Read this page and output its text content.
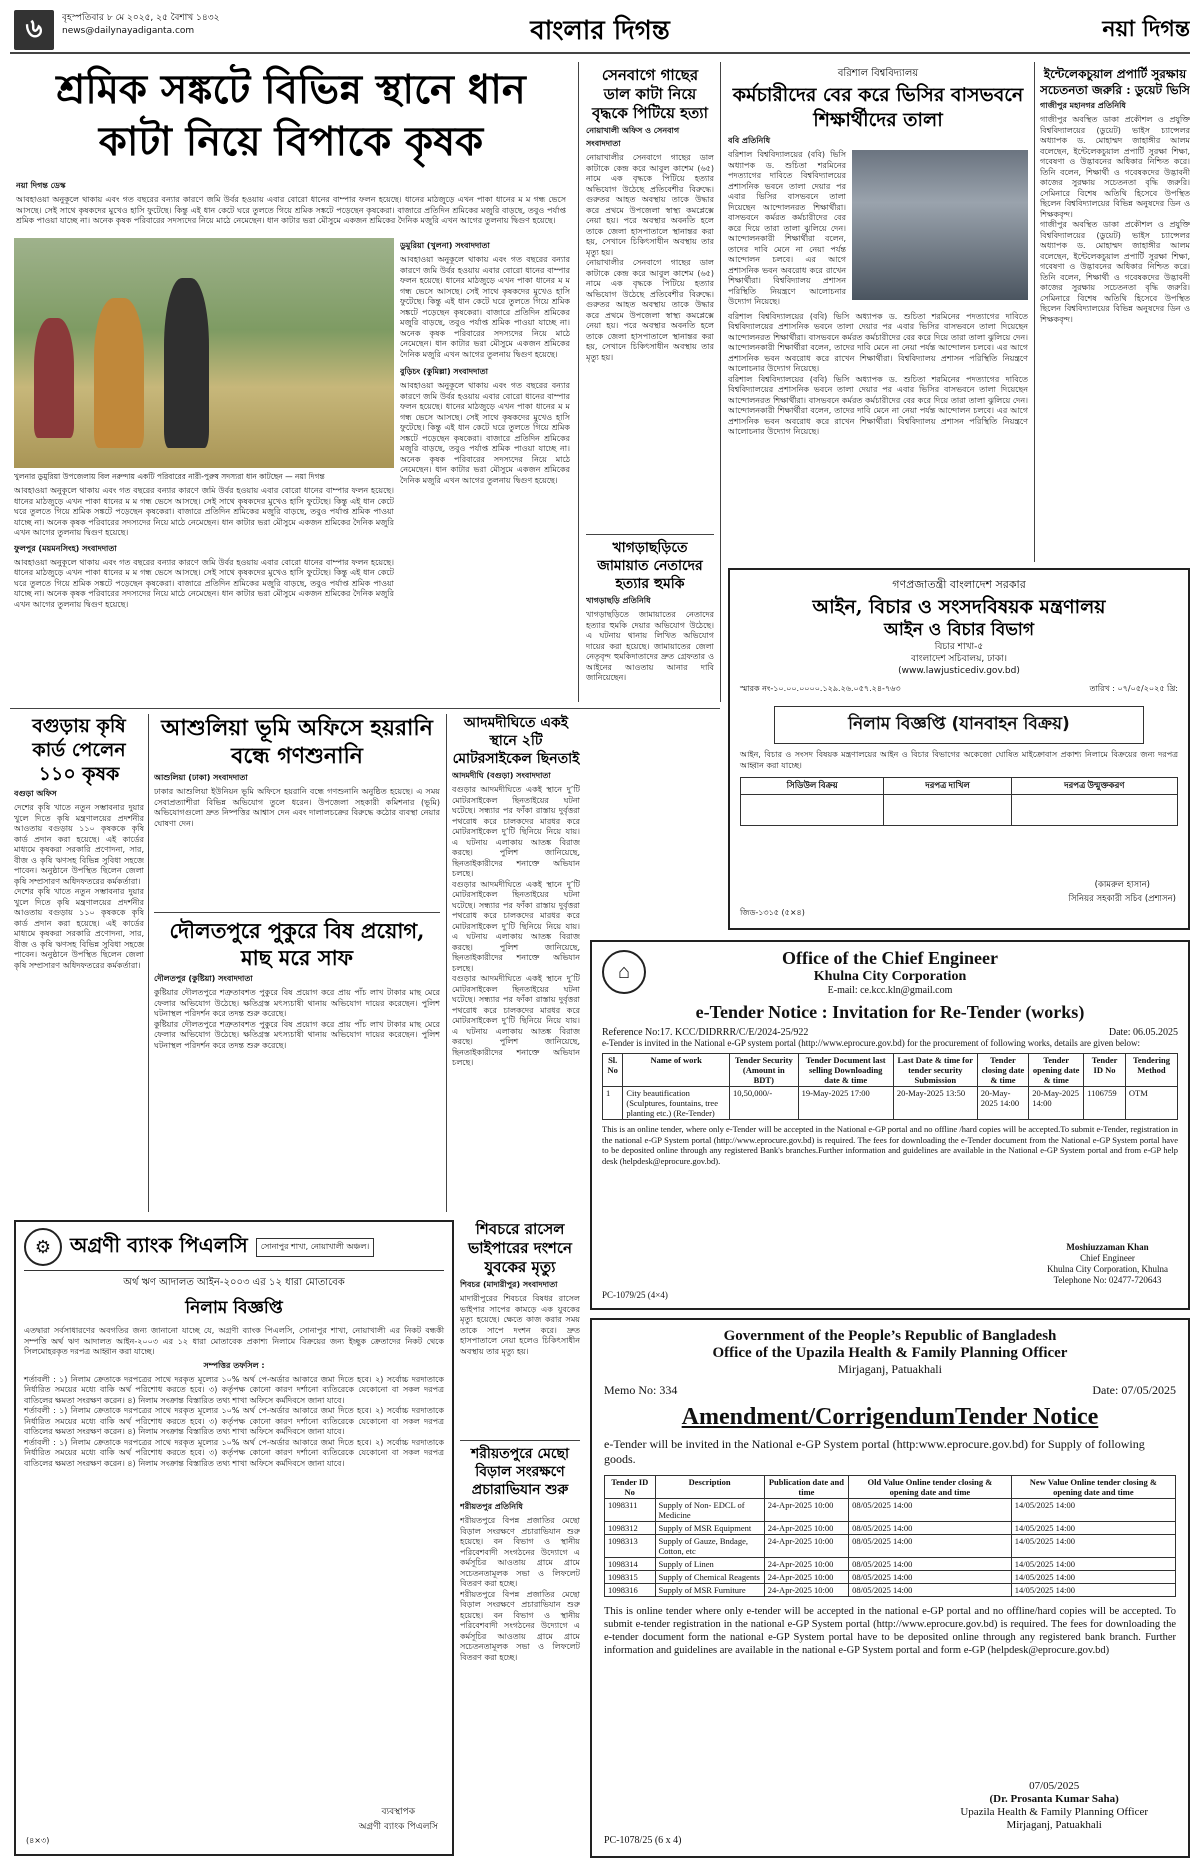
৬	বৃহস্পতিবার ৮ মে ২০২৫, ২৫ বৈশাখ ১৪৩২
news@dailynayadiganta.com	বাংলার দিগন্ত	নয়া দিগন্ত
শ্রমিক সঙ্কটে বিভিন্ন স্থানে ধান কাটা নিয়ে বিপাকে কৃষক
নয়া দিগন্ত ডেস্ক
আবহাওয়া অনুকূলে থাকায় এবং গত বছরের বন্যার কারণে জমি উর্বর হওয়ায় এবার বোরো ধানের বাম্পার ফলন হয়েছে। ধানের মাঠজুড়ে এখন পাকা ধানের ম ম গন্ধ ভেসে আসছে। সেই সাথে কৃষকদের মুখেও হাসি ফুটেছে। কিন্তু এই ধান কেটে ঘরে তুলতে গিয়ে শ্রমিক সঙ্কটে পড়েছেন কৃষকেরা। বাজারে প্রতিদিন শ্রমিকের মজুরি বাড়ছে, তবুও পর্যাপ্ত শ্রমিক পাওয়া যাচ্ছে না। অনেক কৃষক পরিবারের সদস্যদের নিয়ে মাঠে নেমেছেন। ধান কাটার ভরা মৌসুমে একজন শ্রমিকের দৈনিক মজুরি এখন আগের তুলনায় দ্বিগুণ হয়েছে।
খুলনার ডুমুরিয়া উপজেলায় বিল নরুন্দায় একটি পরিবারের নারী-পুরুষ সদস্যরা ধান কাটছেন — নয়া দিগন্ত
ডুমুরিয়া (খুলনা) সংবাদদাতা
আবহাওয়া অনুকূলে থাকায় এবং গত বছরের বন্যার কারণে জমি উর্বর হওয়ায় এবার বোরো ধানের বাম্পার ফলন হয়েছে। ধানের মাঠজুড়ে এখন পাকা ধানের ম ম গন্ধ ভেসে আসছে। সেই সাথে কৃষকদের মুখেও হাসি ফুটেছে। কিন্তু এই ধান কেটে ঘরে তুলতে গিয়ে শ্রমিক সঙ্কটে পড়েছেন কৃষকেরা। বাজারে প্রতিদিন শ্রমিকের মজুরি বাড়ছে, তবুও পর্যাপ্ত শ্রমিক পাওয়া যাচ্ছে না। অনেক কৃষক পরিবারের সদস্যদের নিয়ে মাঠে নেমেছেন। ধান কাটার ভরা মৌসুমে একজন শ্রমিকের দৈনিক মজুরি এখন আগের তুলনায় দ্বিগুণ হয়েছে।
বুড়িচং (কুমিল্লা) সংবাদদাতা
আবহাওয়া অনুকূলে থাকায় এবং গত বছরের বন্যার কারণে জমি উর্বর হওয়ায় এবার বোরো ধানের বাম্পার ফলন হয়েছে। ধানের মাঠজুড়ে এখন পাকা ধানের ম ম গন্ধ ভেসে আসছে। সেই সাথে কৃষকদের মুখেও হাসি ফুটেছে। কিন্তু এই ধান কেটে ঘরে তুলতে গিয়ে শ্রমিক সঙ্কটে পড়েছেন কৃষকেরা। বাজারে প্রতিদিন শ্রমিকের মজুরি বাড়ছে, তবুও পর্যাপ্ত শ্রমিক পাওয়া যাচ্ছে না। অনেক কৃষক পরিবারের সদস্যদের নিয়ে মাঠে নেমেছেন। ধান কাটার ভরা মৌসুমে একজন শ্রমিকের দৈনিক মজুরি এখন আগের তুলনায় দ্বিগুণ হয়েছে।
আবহাওয়া অনুকূলে থাকায় এবং গত বছরের বন্যার কারণে জমি উর্বর হওয়ায় এবার বোরো ধানের বাম্পার ফলন হয়েছে। ধানের মাঠজুড়ে এখন পাকা ধানের ম ম গন্ধ ভেসে আসছে। সেই সাথে কৃষকদের মুখেও হাসি ফুটেছে। কিন্তু এই ধান কেটে ঘরে তুলতে গিয়ে শ্রমিক সঙ্কটে পড়েছেন কৃষকেরা। বাজারে প্রতিদিন শ্রমিকের মজুরি বাড়ছে, তবুও পর্যাপ্ত শ্রমিক পাওয়া যাচ্ছে না। অনেক কৃষক পরিবারের সদস্যদের নিয়ে মাঠে নেমেছেন। ধান কাটার ভরা মৌসুমে একজন শ্রমিকের দৈনিক মজুরি এখন আগের তুলনায় দ্বিগুণ হয়েছে।
ফুলপুর (ময়মনসিংহ) সংবাদদাতা
আবহাওয়া অনুকূলে থাকায় এবং গত বছরের বন্যার কারণে জমি উর্বর হওয়ায় এবার বোরো ধানের বাম্পার ফলন হয়েছে। ধানের মাঠজুড়ে এখন পাকা ধানের ম ম গন্ধ ভেসে আসছে। সেই সাথে কৃষকদের মুখেও হাসি ফুটেছে। কিন্তু এই ধান কেটে ঘরে তুলতে গিয়ে শ্রমিক সঙ্কটে পড়েছেন কৃষকেরা। বাজারে প্রতিদিন শ্রমিকের মজুরি বাড়ছে, তবুও পর্যাপ্ত শ্রমিক পাওয়া যাচ্ছে না। অনেক কৃষক পরিবারের সদস্যদের নিয়ে মাঠে নেমেছেন। ধান কাটার ভরা মৌসুমে একজন শ্রমিকের দৈনিক মজুরি এখন আগের তুলনায় দ্বিগুণ হয়েছে।
সেনবাগে গাছের ডাল কাটা নিয়ে বৃদ্ধকে পিটিয়ে হত্যা
নোয়াখালী অফিস ও সেনবাগ সংবাদদাতা
নোয়াখালীর সেনবাগে গাছের ডাল কাটাকে কেন্দ্র করে আবুল কাশেম (৬৫) নামে এক বৃদ্ধকে পিটিয়ে হত্যার অভিযোগ উঠেছে প্রতিবেশীর বিরুদ্ধে। গুরুতর আহত অবস্থায় তাকে উদ্ধার করে প্রথমে উপজেলা স্বাস্থ্য কমপ্লেক্সে নেয়া হয়। পরে অবস্থার অবনতি হলে তাকে জেলা হাসপাতালে স্থানান্তর করা হয়, সেখানে চিকিৎসাধীন অবস্থায় তার মৃত্যু হয়।
নোয়াখালীর সেনবাগে গাছের ডাল কাটাকে কেন্দ্র করে আবুল কাশেম (৬৫) নামে এক বৃদ্ধকে পিটিয়ে হত্যার অভিযোগ উঠেছে প্রতিবেশীর বিরুদ্ধে। গুরুতর আহত অবস্থায় তাকে উদ্ধার করে প্রথমে উপজেলা স্বাস্থ্য কমপ্লেক্সে নেয়া হয়। পরে অবস্থার অবনতি হলে তাকে জেলা হাসপাতালে স্থানান্তর করা হয়, সেখানে চিকিৎসাধীন অবস্থায় তার মৃত্যু হয়।
খাগড়াছড়িতে জামায়াত নেতাদের হত্যার হুমকি
খাগড়াছড়ি প্রতিনিধি
খাগড়াছড়িতে জামায়াতের নেতাদের হত্যার হুমকি দেয়ার অভিযোগ উঠেছে। এ ঘটনায় থানায় লিখিত অভিযোগ দায়ের করা হয়েছে। জামায়াতের জেলা নেতৃবৃন্দ হুমকিদাতাদের দ্রুত গ্রেফতার ও আইনের আওতায় আনার দাবি জানিয়েছেন।
বরিশাল বিশ্ববিদ্যালয়
কর্মচারীদের বের করে ভিসির বাসভবনে শিক্ষার্থীদের তালা
ববি প্রতিনিধি
বরিশাল বিশ্ববিদ্যালয়ের (ববি) ভিসি অধ্যাপক ড. শুচিতা শরমিনের পদত্যাগের দাবিতে বিশ্ববিদ্যালয়ের প্রশাসনিক ভবনে তালা দেয়ার পর এবার ভিসির বাসভবনে তালা দিয়েছেন আন্দোলনরত শিক্ষার্থীরা। বাসভবনে কর্মরত কর্মচারীদের বের করে দিয়ে তারা তালা ঝুলিয়ে দেন। আন্দোলনকারী শিক্ষার্থীরা বলেন, তাদের দাবি মেনে না নেয়া পর্যন্ত আন্দোলন চলবে। এর আগে প্রশাসনিক ভবন অবরোধ করে রাখেন শিক্ষার্থীরা। বিশ্ববিদ্যালয় প্রশাসন পরিস্থিতি নিয়ন্ত্রণে আলোচনার উদ্যোগ নিয়েছে।
বরিশাল বিশ্ববিদ্যালয়ের (ববি) ভিসি অধ্যাপক ড. শুচিতা শরমিনের পদত্যাগের দাবিতে বিশ্ববিদ্যালয়ের প্রশাসনিক ভবনে তালা দেয়ার পর এবার ভিসির বাসভবনে তালা দিয়েছেন আন্দোলনরত শিক্ষার্থীরা। বাসভবনে কর্মরত কর্মচারীদের বের করে দিয়ে তারা তালা ঝুলিয়ে দেন। আন্দোলনকারী শিক্ষার্থীরা বলেন, তাদের দাবি মেনে না নেয়া পর্যন্ত আন্দোলন চলবে। এর আগে প্রশাসনিক ভবন অবরোধ করে রাখেন শিক্ষার্থীরা। বিশ্ববিদ্যালয় প্রশাসন পরিস্থিতি নিয়ন্ত্রণে আলোচনার উদ্যোগ নিয়েছে।
বরিশাল বিশ্ববিদ্যালয়ের (ববি) ভিসি অধ্যাপক ড. শুচিতা শরমিনের পদত্যাগের দাবিতে বিশ্ববিদ্যালয়ের প্রশাসনিক ভবনে তালা দেয়ার পর এবার ভিসির বাসভবনে তালা দিয়েছেন আন্দোলনরত শিক্ষার্থীরা। বাসভবনে কর্মরত কর্মচারীদের বের করে দিয়ে তারা তালা ঝুলিয়ে দেন। আন্দোলনকারী শিক্ষার্থীরা বলেন, তাদের দাবি মেনে না নেয়া পর্যন্ত আন্দোলন চলবে। এর আগে প্রশাসনিক ভবন অবরোধ করে রাখেন শিক্ষার্থীরা। বিশ্ববিদ্যালয় প্রশাসন পরিস্থিতি নিয়ন্ত্রণে আলোচনার উদ্যোগ নিয়েছে।
ইন্টেলেকচুয়াল প্রপার্টি সুরক্ষায় সচেতনতা জরুরি : ডুয়েট ভিসি
গাজীপুর মহানগর প্রতিনিধি
গাজীপুর অবস্থিত ডাকা প্রকৌশল ও প্রযুক্তি বিশ্ববিদ্যালয়ের (ডুয়েট) ভাইস চ্যান্সেলর অধ্যাপক ড. মোহাম্মদ জাহাঙ্গীর আলম বলেছেন, ইন্টেলেকচুয়াল প্রপার্টি সুরক্ষা শিক্ষা, গবেষণা ও উদ্ভাবনের অধিকার নিশ্চিত করে। তিনি বলেন, শিক্ষার্থী ও গবেষকদের উদ্ভাবনী কাজের সুরক্ষায় সচেতনতা বৃদ্ধি জরুরি। সেমিনারে বিশেষ অতিথি হিসেবে উপস্থিত ছিলেন বিশ্ববিদ্যালয়ের বিভিন্ন অনুষদের ডিন ও শিক্ষকবৃন্দ।
গাজীপুর অবস্থিত ডাকা প্রকৌশল ও প্রযুক্তি বিশ্ববিদ্যালয়ের (ডুয়েট) ভাইস চ্যান্সেলর অধ্যাপক ড. মোহাম্মদ জাহাঙ্গীর আলম বলেছেন, ইন্টেলেকচুয়াল প্রপার্টি সুরক্ষা শিক্ষা, গবেষণা ও উদ্ভাবনের অধিকার নিশ্চিত করে। তিনি বলেন, শিক্ষার্থী ও গবেষকদের উদ্ভাবনী কাজের সুরক্ষায় সচেতনতা বৃদ্ধি জরুরি। সেমিনারে বিশেষ অতিথি হিসেবে উপস্থিত ছিলেন বিশ্ববিদ্যালয়ের বিভিন্ন অনুষদের ডিন ও শিক্ষকবৃন্দ।
গণপ্রজাতন্ত্রী বাংলাদেশ সরকার
আইন, বিচার ও সংসদবিষয়ক মন্ত্রণালয়
আইন ও বিচার বিভাগ
বিচার শাখা-৫
বাংলাদেশ সচিবালয়, ঢাকা।
(www.lawjusticediv.gov.bd)
স্মারক নং-১০.০০.০০০০.১২৯.২৬.০৫৭.২৪-৭৬৩	তারিখ : ০৭/০৫/২০২৫ খ্রি:
নিলাম বিজ্ঞপ্তি (যানবাহন বিক্রয়)
আইন, বিচার ও সংসদ বিষয়ক মন্ত্রণালয়ের আইন ও বিচার বিভাগের অকেজো ঘোষিত মাইক্রোবাস প্রকাশ্য নিলামে বিক্রয়ের জন্য দরপত্র আহ্বান করা যাচ্ছে।
সিডিউল বিক্রয়	দরপত্র দাখিল	দরপত্র উন্মুক্তকরণ

(কামরুল হাসান)
সিনিয়র সহকারী সচিব (প্রশাসন)
জিড-১৩১৫ (৫×৪)
বগুড়ায় কৃষি কার্ড পেলেন ১১০ কৃষক
বগুড়া অফিস
দেশের কৃষি খাতে নতুন সম্ভাবনার দুয়ার খুলে দিতে কৃষি মন্ত্রণালয়ের প্রদর্শনীর আওতায় বগুড়ায় ১১০ কৃষককে কৃষি কার্ড প্রদান করা হয়েছে। এই কার্ডের মাধ্যমে কৃষকরা সরকারি প্রণোদনা, সার, বীজ ও কৃষি ঋণসহ বিভিন্ন সুবিধা সহজে পাবেন। অনুষ্ঠানে উপস্থিত ছিলেন জেলা কৃষি সম্প্রসারণ অধিদফতরের কর্মকর্তারা।
দেশের কৃষি খাতে নতুন সম্ভাবনার দুয়ার খুলে দিতে কৃষি মন্ত্রণালয়ের প্রদর্শনীর আওতায় বগুড়ায় ১১০ কৃষককে কৃষি কার্ড প্রদান করা হয়েছে। এই কার্ডের মাধ্যমে কৃষকরা সরকারি প্রণোদনা, সার, বীজ ও কৃষি ঋণসহ বিভিন্ন সুবিধা সহজে পাবেন। অনুষ্ঠানে উপস্থিত ছিলেন জেলা কৃষি সম্প্রসারণ অধিদফতরের কর্মকর্তারা।
আশুলিয়া ভূমি অফিসে হয়রানি বন্ধে গণশুনানি
আশুলিয়া (ঢাকা) সংবাদদাতা
ঢাকার আশুলিয়া ইউনিয়ন ভূমি অফিসে হয়রানি বন্ধে গণশুনানি অনুষ্ঠিত হয়েছে। এ সময় সেবাপ্রত্যাশীরা বিভিন্ন অভিযোগ তুলে ধরেন। উপজেলা সহকারী কমিশনার (ভূমি) অভিযোগগুলো দ্রুত নিষ্পত্তির আশ্বাস দেন এবং দালালচক্রের বিরুদ্ধে কঠোর ব্যবস্থা নেয়ার ঘোষণা দেন।
দৌলতপুরে পুকুরে বিষ প্রয়োগ, মাছ মরে সাফ
দৌলতপুর (কুষ্টিয়া) সংবাদদাতা
কুষ্টিয়ার দৌলতপুরে শত্রুতাবশত পুকুরে বিষ প্রয়োগ করে প্রায় পাঁচ লাখ টাকার মাছ মেরে ফেলার অভিযোগ উঠেছে। ক্ষতিগ্রস্ত মৎস্যচাষী থানায় অভিযোগ দায়ের করেছেন। পুলিশ ঘটনাস্থল পরিদর্শন করে তদন্ত শুরু করেছে।
কুষ্টিয়ার দৌলতপুরে শত্রুতাবশত পুকুরে বিষ প্রয়োগ করে প্রায় পাঁচ লাখ টাকার মাছ মেরে ফেলার অভিযোগ উঠেছে। ক্ষতিগ্রস্ত মৎস্যচাষী থানায় অভিযোগ দায়ের করেছেন। পুলিশ ঘটনাস্থল পরিদর্শন করে তদন্ত শুরু করেছে।
আদমদীঘিতে একই স্থানে ২টি মোটরসাইকেল ছিনতাই
আদমদীঘি (বগুড়া) সংবাদদাতা
বগুড়ার আদমদীঘিতে একই স্থানে দু’টি মোটরসাইকেল ছিনতাইয়ের ঘটনা ঘটেছে। সন্ধ্যার পর ফাঁকা রাস্তায় দুর্বৃত্তরা পথরোধ করে চালকদের মারধর করে মোটরসাইকেল দু’টি ছিনিয়ে নিয়ে যায়। এ ঘটনায় এলাকায় আতঙ্ক বিরাজ করছে। পুলিশ জানিয়েছে, ছিনতাইকারীদের শনাক্তে অভিযান চলছে।
বগুড়ার আদমদীঘিতে একই স্থানে দু’টি মোটরসাইকেল ছিনতাইয়ের ঘটনা ঘটেছে। সন্ধ্যার পর ফাঁকা রাস্তায় দুর্বৃত্তরা পথরোধ করে চালকদের মারধর করে মোটরসাইকেল দু’টি ছিনিয়ে নিয়ে যায়। এ ঘটনায় এলাকায় আতঙ্ক বিরাজ করছে। পুলিশ জানিয়েছে, ছিনতাইকারীদের শনাক্তে অভিযান চলছে।
বগুড়ার আদমদীঘিতে একই স্থানে দু’টি মোটরসাইকেল ছিনতাইয়ের ঘটনা ঘটেছে। সন্ধ্যার পর ফাঁকা রাস্তায় দুর্বৃত্তরা পথরোধ করে চালকদের মারধর করে মোটরসাইকেল দু’টি ছিনিয়ে নিয়ে যায়। এ ঘটনায় এলাকায় আতঙ্ক বিরাজ করছে। পুলিশ জানিয়েছে, ছিনতাইকারীদের শনাক্তে অভিযান চলছে।
⚙ অগ্রণী ব্যাংক পিএলসি	সোনাপুর শাখা, নোয়াখালী অঞ্চল।
অর্থ ঋণ আদালত আইন-২০০৩ এর ১২ ধারা মোতাবেক
নিলাম বিজ্ঞপ্তি
এতদ্বারা সর্বসাধারণের অবগতির জন্য জানানো যাচ্ছে যে, অগ্রণী ব্যাংক পিএলসি, সোনাপুর শাখা, নোয়াখালী এর নিকট বন্ধকী সম্পত্তি অর্থ ঋণ আদালত আইন-২০০৩ এর ১২ ধারা মোতাবেক প্রকাশ্য নিলামে বিক্রয়ের জন্য ইচ্ছুক ক্রেতাদের নিকট থেকে সিলমোহরকৃত দরপত্র আহ্বান করা যাচ্ছে।
সম্পত্তির তফসিল :
শর্তাবলী : ১) নিলাম ক্রেতাকে দরপত্রের সাথে দরকৃত মূল্যের ১০% অর্থ পে-অর্ডার আকারে জমা দিতে হবে। ২) সর্বোচ্চ দরদাতাকে নির্ধারিত সময়ের মধ্যে বাকি অর্থ পরিশোধ করতে হবে। ৩) কর্তৃপক্ষ কোনো কারণ দর্শানো ব্যতিরেকে যেকোনো বা সকল দরপত্র বাতিলের ক্ষমতা সংরক্ষণ করেন। ৪) নিলাম সংক্রান্ত বিস্তারিত তথ্য শাখা অফিসে কর্মদিবসে জানা যাবে।
শর্তাবলী : ১) নিলাম ক্রেতাকে দরপত্রের সাথে দরকৃত মূল্যের ১০% অর্থ পে-অর্ডার আকারে জমা দিতে হবে। ২) সর্বোচ্চ দরদাতাকে নির্ধারিত সময়ের মধ্যে বাকি অর্থ পরিশোধ করতে হবে। ৩) কর্তৃপক্ষ কোনো কারণ দর্শানো ব্যতিরেকে যেকোনো বা সকল দরপত্র বাতিলের ক্ষমতা সংরক্ষণ করেন। ৪) নিলাম সংক্রান্ত বিস্তারিত তথ্য শাখা অফিসে কর্মদিবসে জানা যাবে।
শর্তাবলী : ১) নিলাম ক্রেতাকে দরপত্রের সাথে দরকৃত মূল্যের ১০% অর্থ পে-অর্ডার আকারে জমা দিতে হবে। ২) সর্বোচ্চ দরদাতাকে নির্ধারিত সময়ের মধ্যে বাকি অর্থ পরিশোধ করতে হবে। ৩) কর্তৃপক্ষ কোনো কারণ দর্শানো ব্যতিরেকে যেকোনো বা সকল দরপত্র বাতিলের ক্ষমতা সংরক্ষণ করেন। ৪) নিলাম সংক্রান্ত বিস্তারিত তথ্য শাখা অফিসে কর্মদিবসে জানা যাবে।
ব্যবস্থাপক
অগ্রণী ব্যাংক পিএলসি
(৪×৩)
শিবচরে রাসেল ভাইপারের দংশনে যুবকের মৃত্যু
শিবচর (মাদারীপুর) সংবাদদাতা
মাদারীপুরের শিবচরে বিষধর রাসেল ভাইপার সাপের কামড়ে এক যুবকের মৃত্যু হয়েছে। ক্ষেতে কাজ করার সময় তাকে সাপে দংশন করে। দ্রুত হাসপাতালে নেয়া হলেও চিকিৎসাধীন অবস্থায় তার মৃত্যু হয়।
শরীয়তপুরে মেছো বিড়াল সংরক্ষণে প্রচারাভিযান শুরু
শরীয়তপুর প্রতিনিধি
শরীয়তপুরে বিপন্ন প্রজাতির মেছো বিড়াল সংরক্ষণে প্রচারাভিযান শুরু হয়েছে। বন বিভাগ ও স্থানীয় পরিবেশবাদী সংগঠনের উদ্যোগে এ কর্মসূচির আওতায় গ্রামে গ্রামে সচেতনতামূলক সভা ও লিফলেট বিতরণ করা হচ্ছে।
শরীয়তপুরে বিপন্ন প্রজাতির মেছো বিড়াল সংরক্ষণে প্রচারাভিযান শুরু হয়েছে। বন বিভাগ ও স্থানীয় পরিবেশবাদী সংগঠনের উদ্যোগে এ কর্মসূচির আওতায় গ্রামে গ্রামে সচেতনতামূলক সভা ও লিফলেট বিতরণ করা হচ্ছে।
⌂
Office of the Chief Engineer
Khulna City Corporation
E-mail: ce.kcc.kln@gmail.com
e-Tender Notice : Invitation for Re-Tender (works)
Reference No:17. KCC/DIDRRR/C/E/2024-25/922	Date: 06.05.2025
e-Tender is invited in the National e-GP system portal (http://www.eprocure.gov.bd) for the procurement of following works, details are given below:
Sl. No	Name of work	Tender Security (Amount in BDT)	Tender Document last selling Downloading date & time	Last Date & time for tender security Submission	Tender closing date & time	Tender opening date & time	Tender ID No	Tendering Method
1	City beautification (Sculptures, fountains, tree planting etc.) (Re-Tender)	10,50,000/-	19-May-2025 17:00	20-May-2025 13:50	20-May-2025 14:00	20-May-2025 14:00	1106759	OTM
This is an online tender, where only e-Tender will be accepted in the National e-GP portal and no offline /hard copies will be accepted.To submit e-Tender, registration in the national e-GP System portal (http://www.eprocure.gov.bd) is required. The fees for downloading the e-Tender document from the National e-GP System portal have to be deposited online through any registered Bank's branches.Further information and guidelines are available in the National e-GP System portal and from e-GP help desk (helpdesk@eprocure.gov.bd).
Moshiuzzaman Khan
Chief Engineer
Khulna City Corporation, Khulna
Telephone No: 02477-720643
PC-1079/25 (4×4)
Government of the People’s Republic of Bangladesh
Office of the Upazila Health & Family Planning Officer
Mirjaganj, Patuakhali
Memo No: 334	Date: 07/05/2025
Amendment/CorrigendumTender Notice
e-Tender will be invited in the National e-GP System portal (http:www.eprocure.gov.bd) for Supply of following goods.
Tender ID No	Description	Publication date and time	Old Value Online tender closing & opening date and time	New Value Online tender closing & opening date and time
1098311	Supply of Non- EDCL of Medicine	24-Apr-2025 10:00	08/05/2025 14:00	14/05/2025 14:00
1098312	Supply of MSR Equipment	24-Apr-2025 10:00	08/05/2025 14:00	14/05/2025 14:00
1098313	Supply of Gauze, Bndage, Cotton, etc	24-Apr-2025 10:00	08/05/2025 14:00	14/05/2025 14:00
1098314	Supply of Linen	24-Apr-2025 10:00	08/05/2025 14:00	14/05/2025 14:00
1098315	Supply of Chemical Reagents	24-Apr-2025 10:00	08/05/2025 14:00	14/05/2025 14:00
1098316	Supply of MSR Furniture	24-Apr-2025 10:00	08/05/2025 14:00	14/05/2025 14:00
This is online tender where only e-tender will be accepted in the national e-GP portal and no offline/hard copies will be accepted. To submit e-tender registration in the national e-GP System portal (http://www.eprocure.gov.bd) is required. The fees for downloading the e-tender document form the national e-GP System portal have to be deposited online through any registered bank branch. Further information and guidelines are available in the national e-GP System portal and form e-GP (helpdesk@eprocure.gov.bd)
07/05/2025
(Dr. Prosanta Kumar Saha)
Upazila Health & Family Planning Officer
Mirjaganj, Patuakhali
PC-1078/25 (6 x 4)
